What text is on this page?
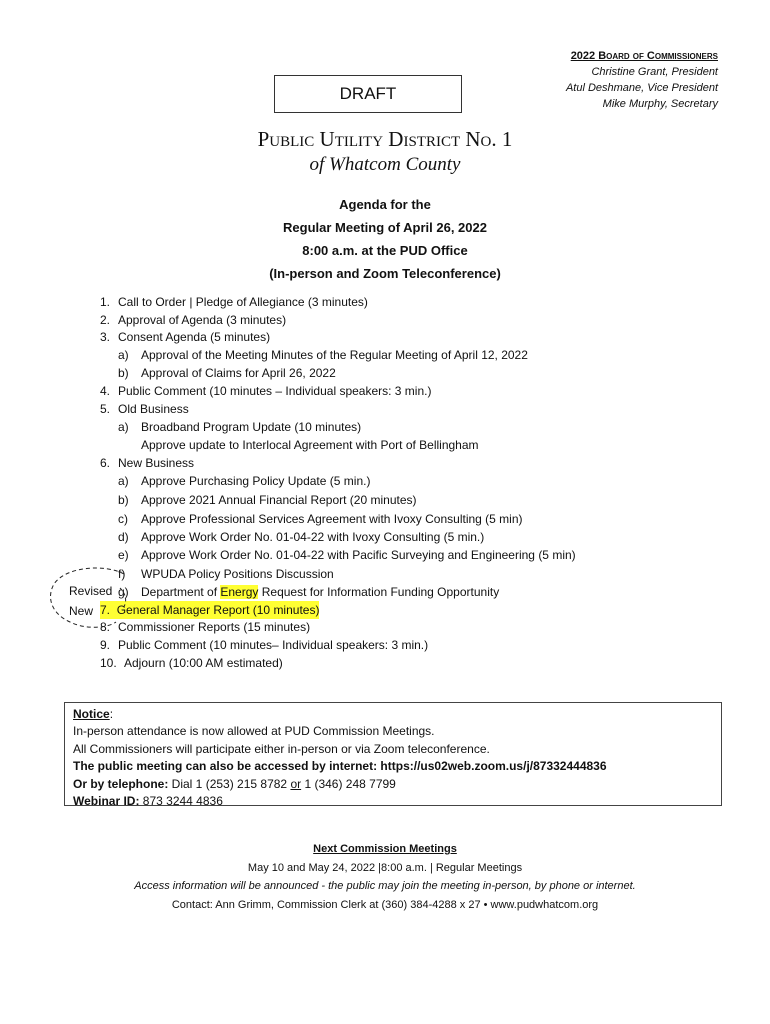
2022 Board of Commissioners
Christine Grant, President
Atul Deshmane, Vice President
Mike Murphy, Secretary
DRAFT
Public Utility District No. 1
of Whatcom County
Agenda for the
Regular Meeting of April 26, 2022
8:00 a.m. at the PUD Office
(In-person and Zoom Teleconference)
1. Call to Order | Pledge of Allegiance (3 minutes)
2. Approval of Agenda (3 minutes)
3. Consent Agenda (5 minutes)
a) Approval of the Meeting Minutes of the Regular Meeting of April 12, 2022
b) Approval of Claims for April 26, 2022
4. Public Comment (10 minutes – Individual speakers: 3 min.)
5. Old Business
a) Broadband Program Update (10 minutes)
Approve update to Interlocal Agreement with Port of Bellingham
6. New Business
a) Approve Purchasing Policy Update (5 min.)
b) Approve 2021 Annual Financial Report (20 minutes)
c) Approve Professional Services Agreement with Ivoxy Consulting (5 min)
d) Approve Work Order No. 01-04-22 with Ivoxy Consulting (5 min.)
e) Approve Work Order No. 01-04-22 with Pacific Surveying and Engineering (5 min)
f) WPUDA Policy Positions Discussion
g) Department of Energy Request for Information Funding Opportunity
7. General Manager Report (10 minutes)
8. Commissioner Reports (15 minutes)
9. Public Comment (10 minutes– Individual speakers: 3 min.)
10. Adjourn (10:00 AM estimated)
Revised
New
Notice:
In-person attendance is now allowed at PUD Commission Meetings.
All Commissioners will participate either in-person or via Zoom teleconference.
The public meeting can also be accessed by internet: https://us02web.zoom.us/j/87332444836
Or by telephone: Dial 1 (253) 215 8782 or 1 (346) 248 7799
Webinar ID: 873 3244 4836
Next Commission Meetings
May 10 and May 24, 2022 |8:00 a.m. | Regular Meetings
Access information will be announced - the public may join the meeting in-person, by phone or internet.
Contact: Ann Grimm, Commission Clerk at (360) 384-4288 x 27 • www.pudwhatcom.org
